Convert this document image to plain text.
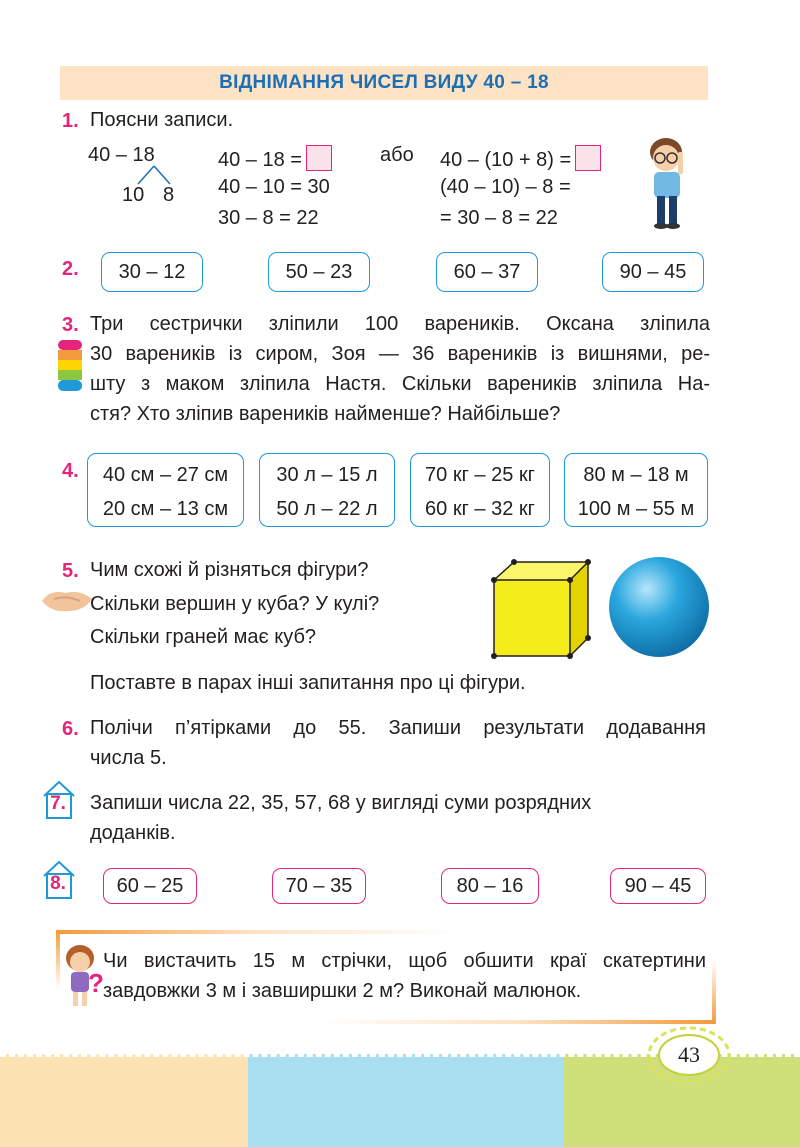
ВІДНІМАННЯ ЧИСЕЛ ВИДУ 40 – 18
1. Поясни записи.
40 – 18
10 8
40 – 18 =
40 – 10 = 30
30 – 8 = 22
або 40 – (10 + 8) =
(40 – 10) – 8 =
= 30 – 8 = 22
2.	30 – 12	50 – 23	60 – 37	90 – 45
3. Три сестрички зліпили 100 вареників. Оксана зліпила
30 вареників із сиром, Зоя — 36 вареників із вишнями, ре-
шту з маком зліпила Настя. Скільки вареників зліпила На-
стя? Хто зліпив вареників найменше? Найбільше?
4.	40 см – 27 см
20 см – 13 см
30 л – 15 л
50 л – 22 л
70 кг – 25 кг
60 кг – 32 кг
80 м – 18 м
100 м – 55 м
5. Чим схожі й різняться фігури?
Скільки вершин у куба? У кулі?
Скільки граней має куб?
Поставте в парах інші запитання про ці фігури.
6. Полічи п’ятірками до 55. Запиши результати додавання
числа 5.
7.	Запиши числа 22, 35, 57, 68 у вигляді суми розрядних
доданків.
8.	60 – 25	70 – 35	80 – 16	90 – 45
?
Чи вистачить 15 м стрічки, щоб обшити краї скатертини
завдовжки 3 м і завширшки 2 м? Виконай малюнок.
43
